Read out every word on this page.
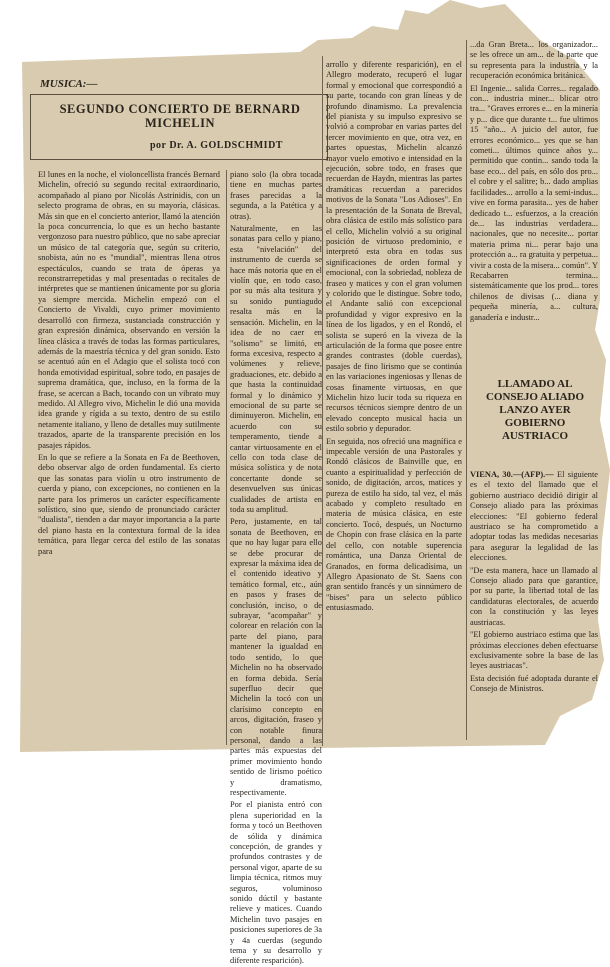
MUSICA:—
SEGUNDO CONCIERTO DE BERNARD MICHELIN
por Dr. A. GOLDSCHMIDT

El lunes en la noche, el violoncellista francés Bernard Michelin, ofreció su segundo recital extraordinario, acompañado al piano por Nicolás Astrinidis, con un selecto programa de obras, en su mayoría, clásicas. Más sin que en el concierto anterior, llamó la atención la poca concurrencia, lo que es un hecho bastante vergonzoso para nuestro público, que no sabe apreciar un músico de tal categoría que, según su criterio, snobista, aún no es "mundial", mientras llena otros espectáculos, cuando se trata de óperas ya reconstrarrepetidas y mal presentadas o recitales de intérpretes que se mantienen únicamente por su gloria ya siempre mercida. Michelin empezó con el Concierto de Vivaldi, cuyo primer movimiento desarrolló con firmeza, sustanciada construcción y gran expresión dinámica, observando en versión la línea clásica a través de todas las formas particulares, además de la maestría técnica y del gran sonido. Esto se acentuó aún en el Adagio que el solista tocó con honda emotividad espiritual, sobre todo, en pasajes de suprema dramática, que, incluso, en la forma de la frase, se acercan a Bach, tocando con un vibrato muy medido. Al Allegro vivo, Michelin le dió una movida idea grande y rígida a su texto, dentro de su estilo netamente italiano, y lleno de detalles muy sutilmente trazados, aparte de la transparente precisión en los pasajes rápidos.

En lo que se refiere a la Sonata en Fa de Beethoven, debo observar algo de orden fundamental. Es cierto que las sonatas para violín u otro instrumento de cuerda y piano, con excepciones, no contienen en la parte para los primeros un carácter específicamente solístico, sino que, siendo de pronunciado carácter "dualista", tienden a dar mayor importancia a la parte del piano hasta en la contextura formal de la idea temática, para llegar cerca del estilo de las sonatas para

piano solo (la obra tocada tiene en muchas partes frases parecidas a la segunda, a la Patética y a otras).

Naturalmente, en las sonatas para cello y piano, esta "nivelación" del instrumento de cuerda se hace más notoria que en el violín que, en todo caso, por su más alta tesitura y su sonido puntiagudo resalta más en la sensación. Michelin, en la idea de no caer en "solismo" se limitó, en forma excesiva, respecto a volúmenes y relieve, graduaciones, etc. debido a que hasta la continuidad formal y lo dinámico y emocional de su parte se diminuyeron. Michelin, en acuerdo con su temperamento, tiende a cantar virtuosamente en el cello con toda clase de música solística y de nota concertante donde se desenvuelven sus únicas cualidades de artista en toda su amplitud.

Pero, justamente, en tal sonata de Beethoven, en que no hay lugar para ello se debe procurar de expresar la máxima idea de el contenido ideativo y temático formal, etc., aún en pasos y frases de conclusión, inciso, o de subrayar, "acompañar" y colorear en relación con la parte del piano, para mantener la igualdad en todo sentido, lo que Michelin no ha observado en forma debida. Sería superfluo decir que Michelin la tocó con un clarísimo concepto en arcos, digitación, fraseo y con notable finura personal, dando a las partes más expuestas del primer movimiento hondo sentido de lirismo poético y dramatismo, respectivamente.

Por el pianista entró con plena superioridad en la forma y tocó un Beethoven de sólida y dinámica concepción, de grandes y profundos contrastes y de personal vigor, aparte de su limpia técnica, ritmos muy seguros, voluminoso sonido dúctil y bastante relieve y matices. Cuando Michelin tuvo pasajes en posiciones superiores de 3a y 4a cuerdas (segundo tema y su desarrollo y diferente resparición).

arrollo y diferente resparición), en el Allegro moderato, recuperó el lugar formal y emocional que correspondió a su parte, tocando con gran líneas y de profundo dinamismo. La prevalencia del pianista y su impulso expresivo se volvió a comprobar en varias partes del tercer movimiento en que, otra vez, en partes opuestas, Michelin alcanzó mayor vuelo emotivo e intensidad en la ejecución, sobre todo, en frases que recuerdan de Haydn, mientras las partes dramáticas recuerdan a parecidos motivos de la Sonata "Los Adioses". En la presentación de la Sonata de Breval, obra clásica de estilo más solístico para el cello, Michelin volvió a su original posición de virtuoso predominio, e interpretó esta obra en todas sus significaciones de orden formal y emocional, con la sobriedad, nobleza de fraseo y matices y con el gran volumen y colorido que le distingue. Sobre todo, el Andante salió con excepcional profundidad y vigor expresivo en la línea de los ligados, y en el Rondó, el solista se superó en la viveza de la articulación de la forma que posee entre grandes contrastes (doble cuerdas), pasajes de fino lirismo que se continúa en las variaciones ingeniosas y llenas de cosas finamente virtuosas, en que Michelin hizo lucir toda su riqueza en recursos técnicos siempre dentro de un elevado concepto musical hacia un estilo sobrio y depurador.

En seguida, nos ofreció una magnífica e impecable versión de una Pastorales y Rondó clásicos de Bainville que, en cuanto a espiritualidad y perfección de sonido, de digitación, arcos, matices y pureza de estilo ha sido, tal vez, el más acabado y completo resultado en materia de música clásica, en este concierto. Tocó, después, un Nocturno de Chopin con frase clásica en la parte del cello, con notable superencia romántica, una Danza Oriental de Granados, en forma delicadísima, un Allegro Apasionato de St. Saens con gran sentido francés y un sinnúmero de "bises" para un selecto público entusiasmado.

...da Gran Breta... los organizador... se les ofrece un am... de la parte que su representa para la industria y la recuperación económica británica.

El Ingenie... salida Corres... regalado con... industria miner... blicar otro tra... "Graves errores e... en la minería y p... dice que durante t... fue ultimos 15 "año... A juicio del autor, fue errores económico... yes que se han cometi... últimos quince años y... permitido que contin... sando toda la base eco... del país, en sólo dos pro... el cobre y el salitre; b... dado amplias facilidades... arrollo a la semi-indus... vive en forma parasita... yes de haber dedicado t... esfuerzos, a la creación de... las industrias verdadera... nacionales, que no necesite... portar materia prima ni... perar bajo una protección a... ra gratuita y perpetua... vivir a costa de la misera... común". Y Recabarren termina... sistemáticamente que los prod... tores chilenos de divisas (... diana y pequeña minería, a... cultura, ganadería e industr...

LLAMADO AL CONSEJO ALIADO LANZO AYER GOBIERNO AUSTRIACO

VIENA, 30.—(AFP).— El siguiente es el texto del llamado que el gobierno austriaco decidió dirigir al Consejo aliado para las próximas elecciones: "El gobierno federal austriaco se ha comprometido a adoptar todas las medidas necesarias para asegurar la legalidad de las elecciones.

"De esta manera, hace un llamado al Consejo aliado para que garantice, por su parte, la libertad total de las candidaturas electorales, de acuerdo con la constitución y las leyes austriacas.

"El gobierno austriaco estima que las próximas elecciones deben efectuarse exclusivamente sobre la base de las leyes austriacas".

Esta decisión fué adoptada durante el Consejo de Ministros.
